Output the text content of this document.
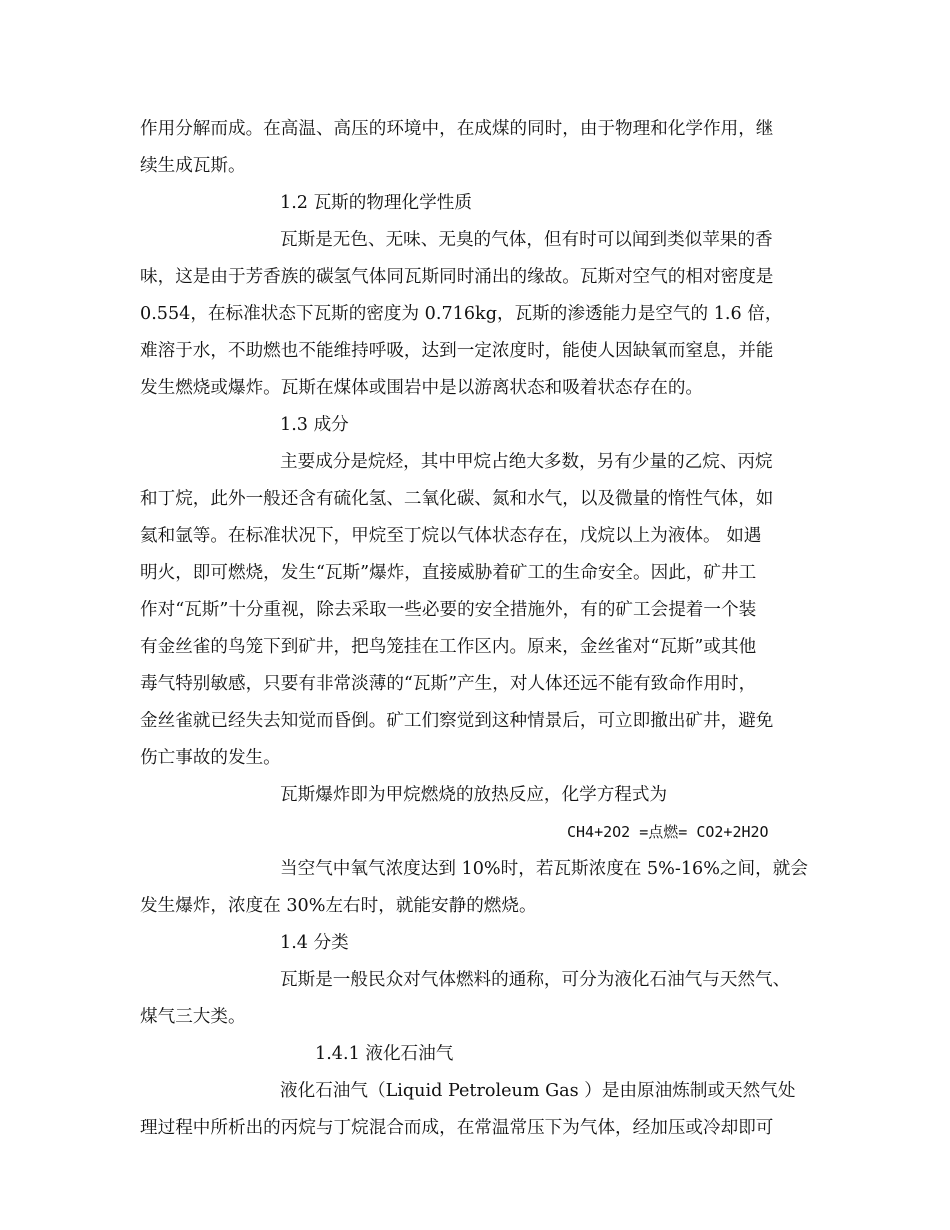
作用分解而成。在高温、高压的环境中，在成煤的同时，由于物理和化学作用，继
续生成瓦斯。
1.2 瓦斯的物理化学性质
瓦斯是无色、无味、无臭的气体，但有时可以闻到类似苹果的香
味，这是由于芳香族的碳氢气体同瓦斯同时涌出的缘故。瓦斯对空气的相对密度是
0.554，在标准状态下瓦斯的密度为 0.716kg，瓦斯的渗透能力是空气的 1.6 倍，
难溶于水，不助燃也不能维持呼吸，达到一定浓度时，能使人因缺氧而窒息，并能
发生燃烧或爆炸。瓦斯在煤体或围岩中是以游离状态和吸着状态存在的。
1.3 成分
主要成分是烷烃，其中甲烷占绝大多数，另有少量的乙烷、丙烷
和丁烷，此外一般还含有硫化氢、二氧化碳、氮和水气，以及微量的惰性气体，如
氦和氩等。在标准状况下，甲烷至丁烷以气体状态存在，戊烷以上为液体。 如遇
明火，即可燃烧，发生“瓦斯”爆炸，直接威胁着矿工的生命安全。因此，矿井工
作对“瓦斯”十分重视，除去采取一些必要的安全措施外，有的矿工会提着一个装
有金丝雀的鸟笼下到矿井，把鸟笼挂在工作区内。原来，金丝雀对“瓦斯”或其他
毒气特别敏感，只要有非常淡薄的“瓦斯”产生，对人体还远不能有致命作用时，
金丝雀就已经失去知觉而昏倒。矿工们察觉到这种情景后，可立即撤出矿井，避免
伤亡事故的发生。
瓦斯爆炸即为甲烷燃烧的放热反应，化学方程式为
CH4+2O2 =点燃= CO2+2H2O
当空气中氧气浓度达到 10%时，若瓦斯浓度在 5%-16%之间，就会
发生爆炸，浓度在 30%左右时，就能安静的燃烧。
1.4 分类
瓦斯是一般民众对气体燃料的通称，可分为液化石油气与天然气、
煤气三大类。
1.4.1 液化石油气
液化石油气（Liquid Petroleum Gas ）是由原油炼制或天然气处
理过程中所析出的丙烷与丁烷混合而成，在常温常压下为气体，经加压或冷却即可
